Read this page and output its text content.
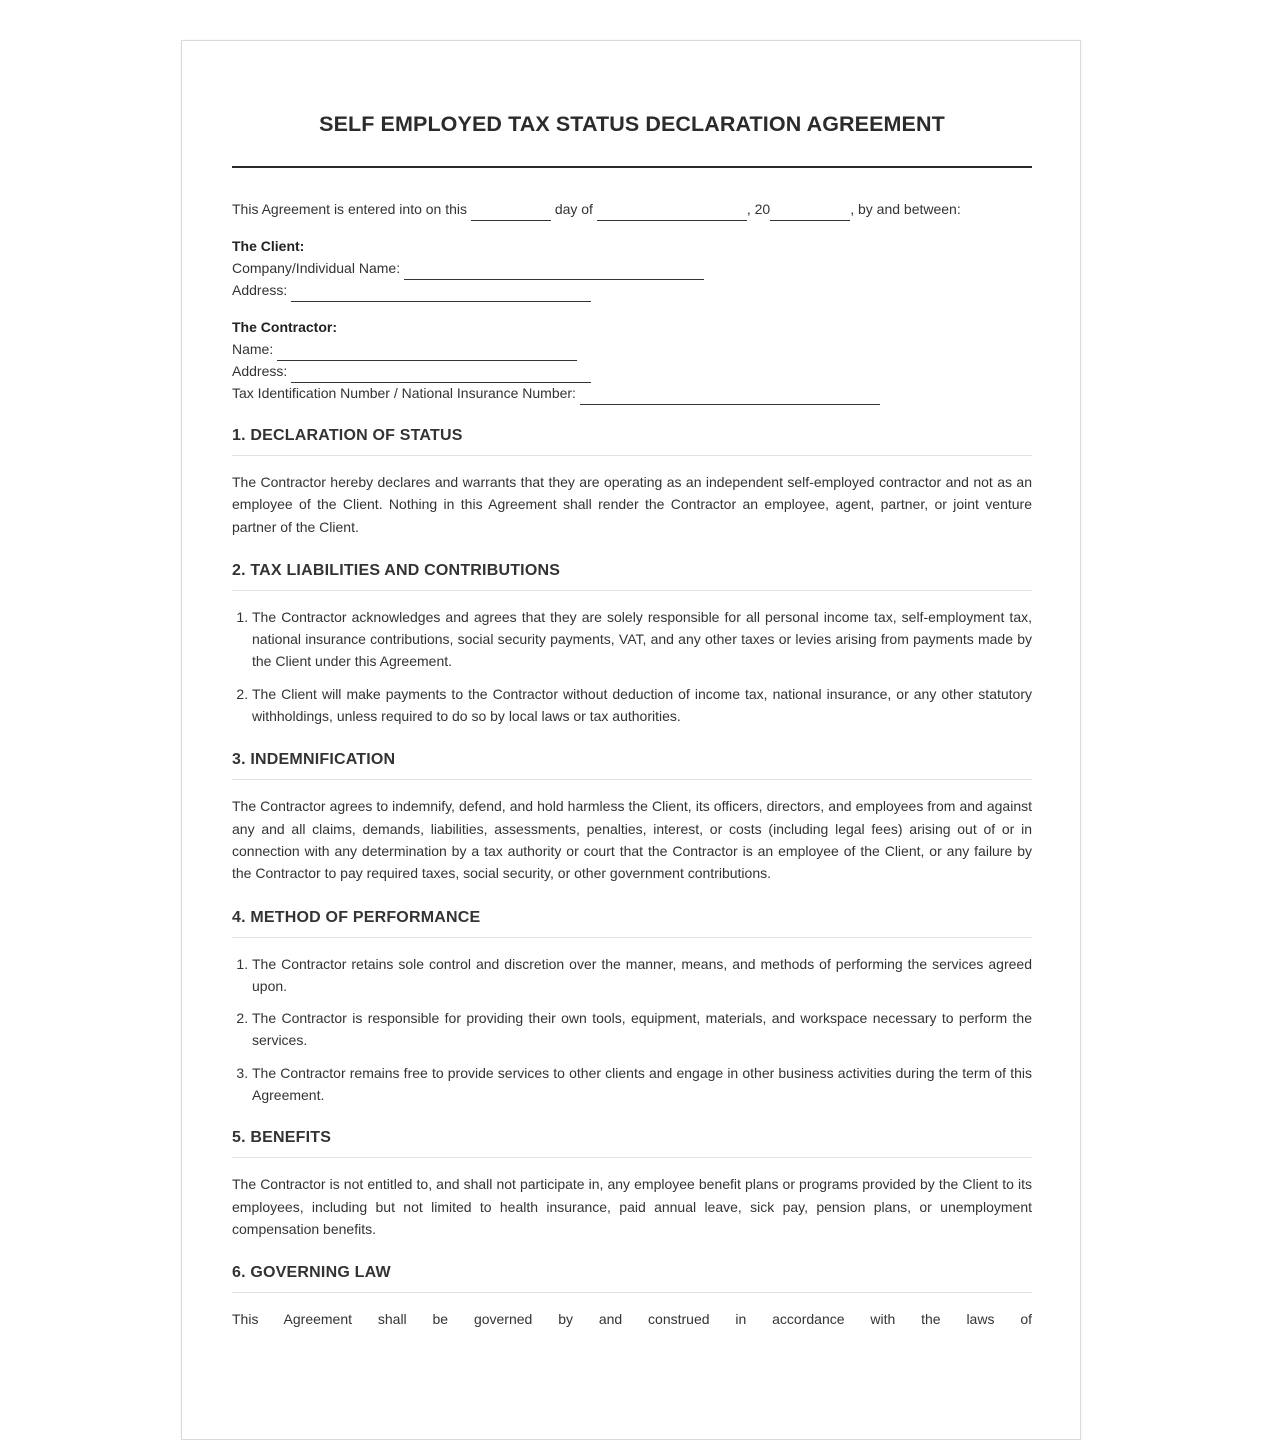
SELF EMPLOYED TAX STATUS DECLARATION AGREEMENT
This Agreement is entered into on this	day of	, 20	, by and between:
The Client:
Company/Individual Name:
Address:
The Contractor:
Name:
Address:
Tax Identification Number / National Insurance Number:
1. DECLARATION OF STATUS

The Contractor hereby declares and warrants that they are operating as an independent self-employed contractor and not as an employee of the Client. Nothing in this Agreement shall render the Contractor an employee, agent, partner, or joint venture partner of the Client.

2. TAX LIABILITIES AND CONTRIBUTIONS
1. The Contractor acknowledges and agrees that they are solely responsible for all personal income tax, self-employment tax, national insurance contributions, social security payments, VAT, and any other taxes or levies arising from payments made by the Client under this Agreement.
2. The Client will make payments to the Contractor without deduction of income tax, national insurance, or any other statutory withholdings, unless required to do so by local laws or tax authorities.
3. INDEMNIFICATION

The Contractor agrees to indemnify, defend, and hold harmless the Client, its officers, directors, and employees from and against any and all claims, demands, liabilities, assessments, penalties, interest, or costs (including legal fees) arising out of or in connection with any determination by a tax authority or court that the Contractor is an employee of the Client, or any failure by the Contractor to pay required taxes, social security, or other government contributions.

4. METHOD OF PERFORMANCE
1. The Contractor retains sole control and discretion over the manner, means, and methods of performing the services agreed upon.
2. The Contractor is responsible for providing their own tools, equipment, materials, and workspace necessary to perform the services.
3. The Contractor remains free to provide services to other clients and engage in other business activities during the term of this Agreement.
5. BENEFITS

The Contractor is not entitled to, and shall not participate in, any employee benefit plans or programs provided by the Client to its employees, including but not limited to health insurance, paid annual leave, sick pay, pension plans, or unemployment compensation benefits.

6. GOVERNING LAW

This Agreement shall be governed by and construed in accordance with the laws of
